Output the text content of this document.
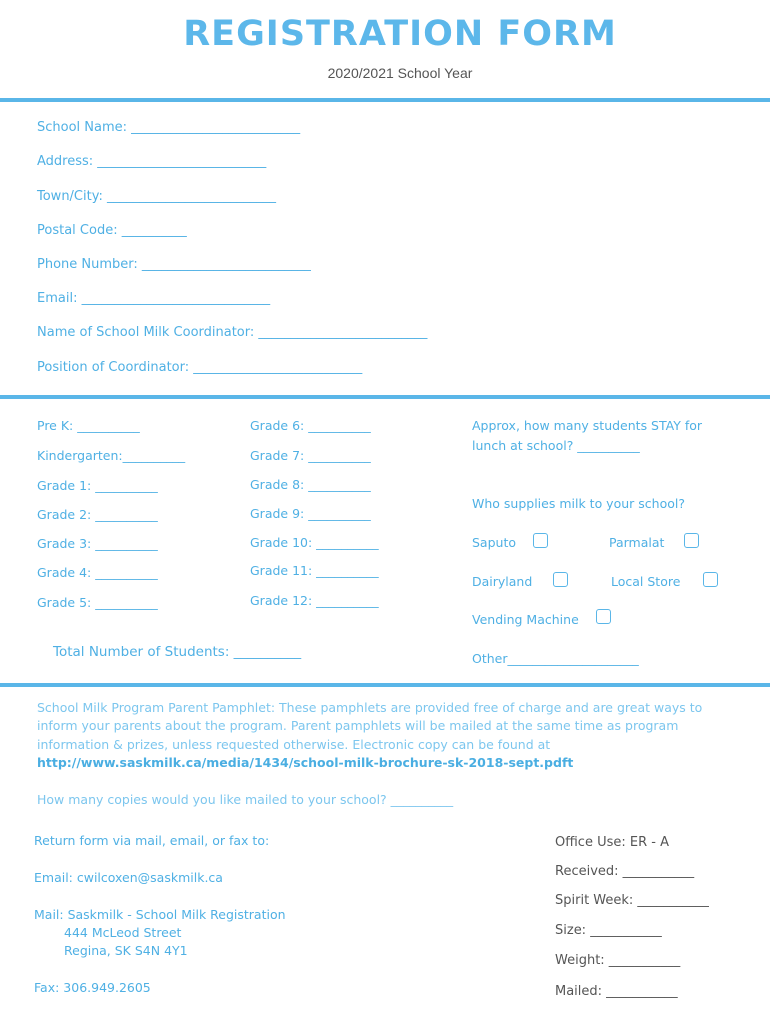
REGISTRATION FORM
2020/2021 School Year
School Name: __________________________
Address: __________________________
Town/City: __________________________
Postal Code: __________
Phone Number: __________________________
Email: _____________________________
Name of School Milk Coordinator: __________________________
Position of Coordinator: __________________________
Pre K: __________
Kindergarten:__________
Grade 1: __________
Grade 2: __________
Grade 3: __________
Grade 4: __________
Grade 5: __________
Grade 6: __________
Grade 7: __________
Grade 8: __________
Grade 9: __________
Grade 10: __________
Grade 11: __________
Grade 12: __________
Total Number of Students: __________
Approx, how many students STAY for
lunch at school? __________
Who supplies milk to your school?
Saputo	Parmalat
Dairyland	Local Store
Vending Machine
Other_____________________
School Milk Program Parent Pamphlet: These pamphlets are provided free of charge and are great ways to
inform your parents about the program. Parent pamphlets will be mailed at the same time as program
information & prizes, unless requested otherwise. Electronic copy can be found at
http://www.saskmilk.ca/media/1434/school-milk-brochure-sk-2018-sept.pdft
How many copies would you like mailed to your school? __________
Return form via mail, email, or fax to:
Email: cwilcoxen@saskmilk.ca
Mail: Saskmilk - School Milk Registration
444 McLeod Street
Regina, SK S4N 4Y1
Fax: 306.949.2605
Office Use: ER - A
Received: ___________
Spirit Week: ___________
Size: ___________
Weight: ___________
Mailed: ___________
